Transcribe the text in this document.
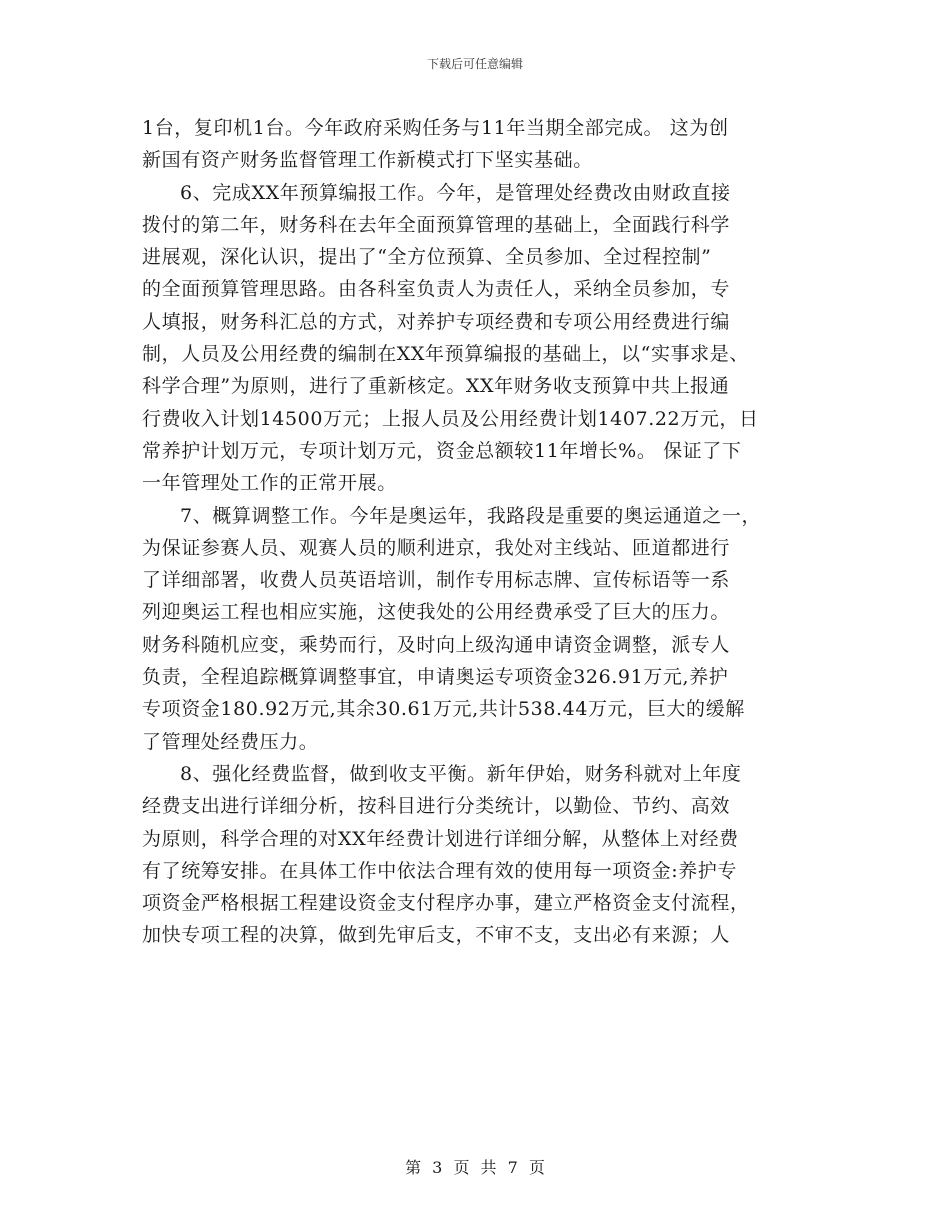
下载后可任意编辑
1台，复印机1台。今年政府采购任务与11年当期全部完成。 这为创
新国有资产财务监督管理工作新模式打下坚实基础。
6、完成XX年预算编报工作。今年，是管理处经费改由财政直接
拨付的第二年，财务科在去年全面预算管理的基础上，全面践行科学
进展观，深化认识，提出了“全方位预算、全员参加、全过程控制”
的全面预算管理思路。由各科室负责人为责任人，采纳全员参加，专
人填报，财务科汇总的方式，对养护专项经费和专项公用经费进行编
制，人员及公用经费的编制在XX年预算编报的基础上，以“实事求是、
科学合理”为原则，进行了重新核定。XX年财务收支预算中共上报通
行费收入计划14500万元；上报人员及公用经费计划1407.22万元，日
常养护计划万元，专项计划万元，资金总额较11年增长%。 保证了下
一年管理处工作的正常开展。
7、概算调整工作。今年是奥运年，我路段是重要的奥运通道之一，
为保证参赛人员、观赛人员的顺利进京，我处对主线站、匝道都进行
了详细部署，收费人员英语培训，制作专用标志牌、宣传标语等一系
列迎奥运工程也相应实施，这使我处的公用经费承受了巨大的压力。
财务科随机应变，乘势而行，及时向上级沟通申请资金调整，派专人
负责，全程追踪概算调整事宜，申请奥运专项资金326.91万元,养护
专项资金180.92万元,其余30.61万元,共计538.44万元，巨大的缓解
了管理处经费压力。
8、强化经费监督，做到收支平衡。新年伊始，财务科就对上年度
经费支出进行详细分析，按科目进行分类统计，以勤俭、节约、高效
为原则，科学合理的对XX年经费计划进行详细分解，从整体上对经费
有了统筹安排。在具体工作中依法合理有效的使用每一项资金:养护专
项资金严格根据工程建设资金支付程序办事，建立严格资金支付流程，
加快专项工程的决算，做到先审后支，不审不支，支出必有来源；人
第 3 页 共 7 页
